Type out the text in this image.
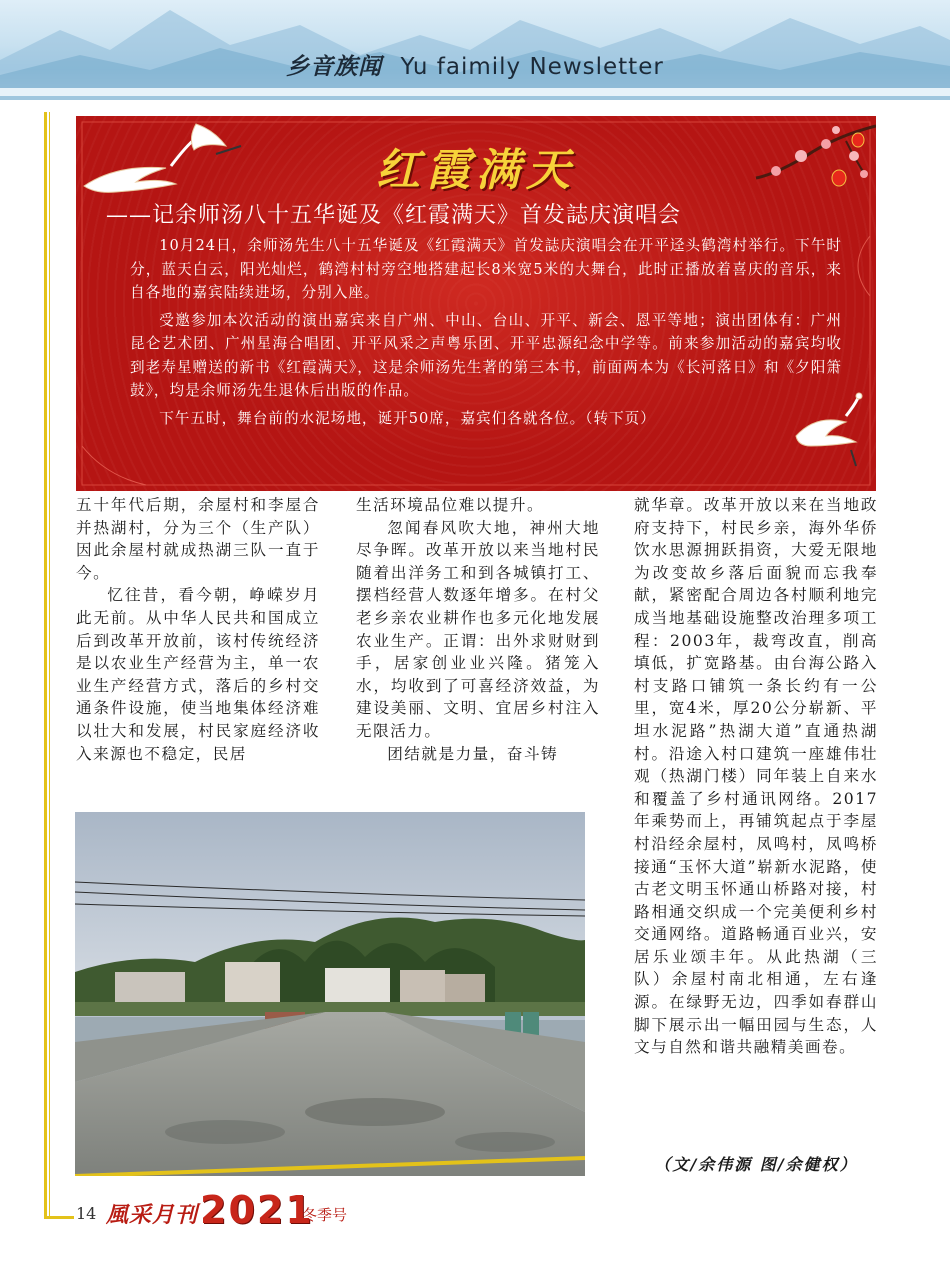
乡音族闻 Yu faimily Newsletter
红霞满天
——记余师汤八十五华诞及《红霞满天》首发誌庆演唱会

10月24日，余师汤先生八十五华诞及《红霞满天》首发誌庆演唱会在开平迳头鹤湾村举行。下午时分，蓝天白云，阳光灿烂，鹤湾村村旁空地搭建起长8米宽5米的大舞台，此时正播放着喜庆的音乐，来自各地的嘉宾陆续进场，分别入座。

受邀参加本次活动的演出嘉宾来自广州、中山、台山、开平、新会、恩平等地；演出团体有：广州昆仑艺术团、广州星海合唱团、开平风采之声粤乐团、开平忠源纪念中学等。前来参加活动的嘉宾均收到老寿星赠送的新书《红霞满天》，这是余师汤先生著的第三本书，前面两本为《长河落日》和《夕阳箫鼓》，均是余师汤先生退休后出版的作品。

下午五时，舞台前的水泥场地，诞开50席，嘉宾们各就各位。（转下页）

五十年代后期，余屋村和李屋合并热湖村，分为三个（生产队）因此余屋村就成热湖三队一直于今。

忆往昔，看今朝，峥嵘岁月此无前。从中华人民共和国成立后到改革开放前，该村传统经济是以农业生产经营为主，单一农业生产经营方式，落后的乡村交通条件设施，使当地集体经济难以壮大和发展，村民家庭经济收入来源也不稳定，民居

生活环境品位难以提升。

忽闻春风吹大地，神州大地尽争晖。改革开放以来当地村民随着出洋务工和到各城镇打工、摆档经营人数逐年增多。在村父老乡亲农业耕作也多元化地发展农业生产。正谓：出外求财财到手，居家创业业兴隆。猪笼入水，均收到了可喜经济效益，为建设美丽、文明、宜居乡村注入无限活力。

团结就是力量，奋斗铸

就华章。改革开放以来在当地政府支持下，村民乡亲，海外华侨饮水思源拥跃捐资，大爱无限地为改变故乡落后面貌而忘我奉献，紧密配合周边各村顺利地完成当地基础设施整改治理多项工程：2003年，裁弯改直，削高填低，扩宽路基。由台海公路入村支路口铺筑一条长约有一公里，宽4米，厚20公分崭新、平坦水泥路”热湖大道”直通热湖村。沿途入村口建筑一座雄伟壮观（热湖门楼）同年装上自来水和覆盖了乡村通讯网络。2017年乘势而上，再铺筑起点于李屋村沿经余屋村，凤鸣村，凤鸣桥接通“玉怀大道”崭新水泥路，使古老文明玉怀通山桥路对接，村路相通交织成一个完美便利乡村交通网络。道路畅通百业兴，安居乐业颂丰年。从此热湖（三队）余屋村南北相通，左右逢源。在绿野无边，四季如春群山脚下展示出一幅田园与生态，人文与自然和谐共融精美画卷。

（文/余伟源 图/余健权）
14 風采月刊 2021
冬季号
